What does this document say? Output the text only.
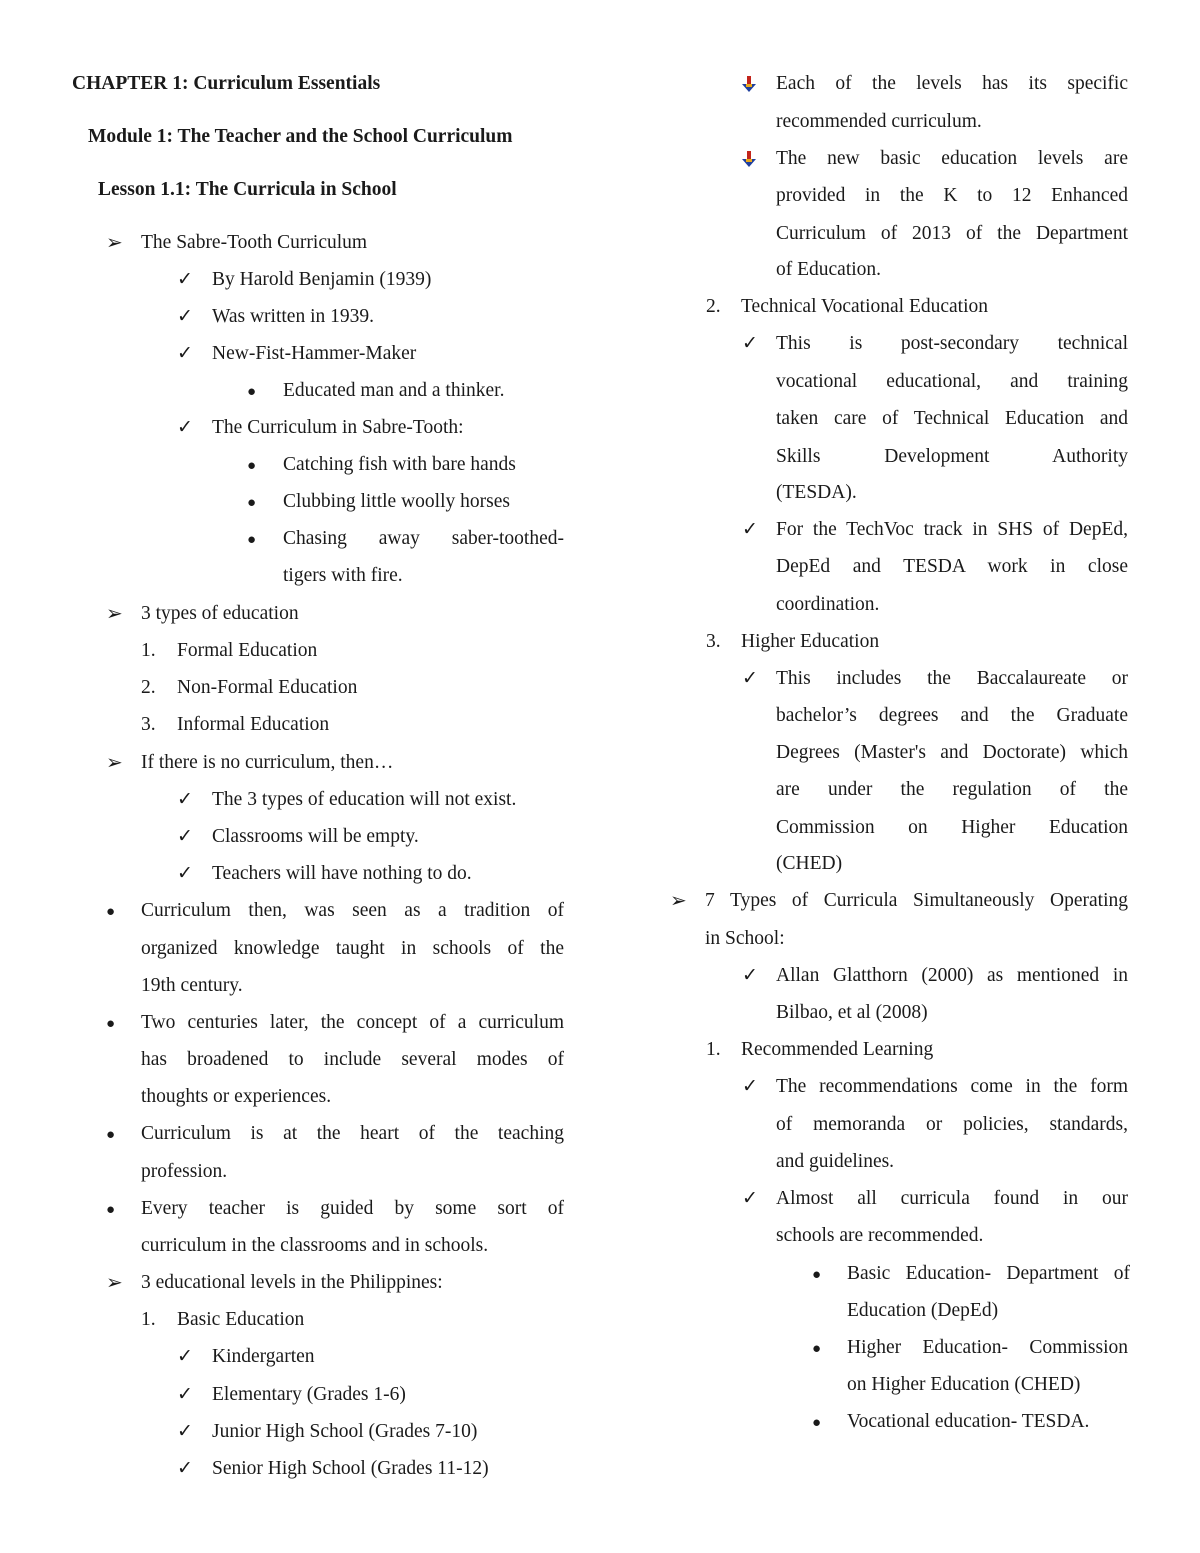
CHAPTER 1: Curriculum Essentials
Module 1: The Teacher and the School Curriculum
Lesson 1.1: The Curricula in School
➢ The Sabre-Tooth Curriculum
✓ By Harold Benjamin (1939)
✓ Was written in 1939.
✓ New-Fist-Hammer-Maker
● Educated man and a thinker.
✓ The Curriculum in Sabre-Tooth:
● Catching fish with bare hands
● Clubbing little woolly horses
● Chasing away saber-toothed-
tigers with fire.
➢ 3 types of education
1. Formal Education
2. Non-Formal Education
3. Informal Education
➢ If there is no curriculum, then…
✓ The 3 types of education will not exist.
✓ Classrooms will be empty.
✓ Teachers will have nothing to do.
● Curriculum then, was seen as a tradition of
organized knowledge taught in schools of the
19th century.
● Two centuries later, the concept of a curriculum
has broadened to include several modes of
thoughts or experiences.
● Curriculum is at the heart of the teaching
profession.
● Every teacher is guided by some sort of
curriculum in the classrooms and in schools.
➢ 3 educational levels in the Philippines:
1. Basic Education
✓ Kindergarten
✓ Elementary (Grades 1-6)
✓ Junior High School (Grades 7-10)
✓ Senior High School (Grades 11-12)
Each of the levels has its specific
recommended curriculum.
The new basic education levels are
provided in the K to 12 Enhanced
Curriculum of 2013 of the Department
of Education.
2. Technical Vocational Education
✓ This is post-secondary technical
vocational educational, and training
taken care of Technical Education and
Skills Development Authority
(TESDA).
✓ For the TechVoc track in SHS of DepEd,
DepEd and TESDA work in close
coordination.
3. Higher Education
✓ This includes the Baccalaureate or
bachelor’s degrees and the Graduate
Degrees (Master's and Doctorate) which
are under the regulation of the
Commission on Higher Education
(CHED)
➢ 7 Types of Curricula Simultaneously Operating
in School:
✓ Allan Glatthorn (2000) as mentioned in
Bilbao, et al (2008)
1. Recommended Learning
✓ The recommendations come in the form
of memoranda or policies, standards,
and guidelines.
✓ Almost all curricula found in our
schools are recommended.
● Basic Education- Department of
Education (DepEd)
● Higher Education- Commission
on Higher Education (CHED)
● Vocational education- TESDA.
